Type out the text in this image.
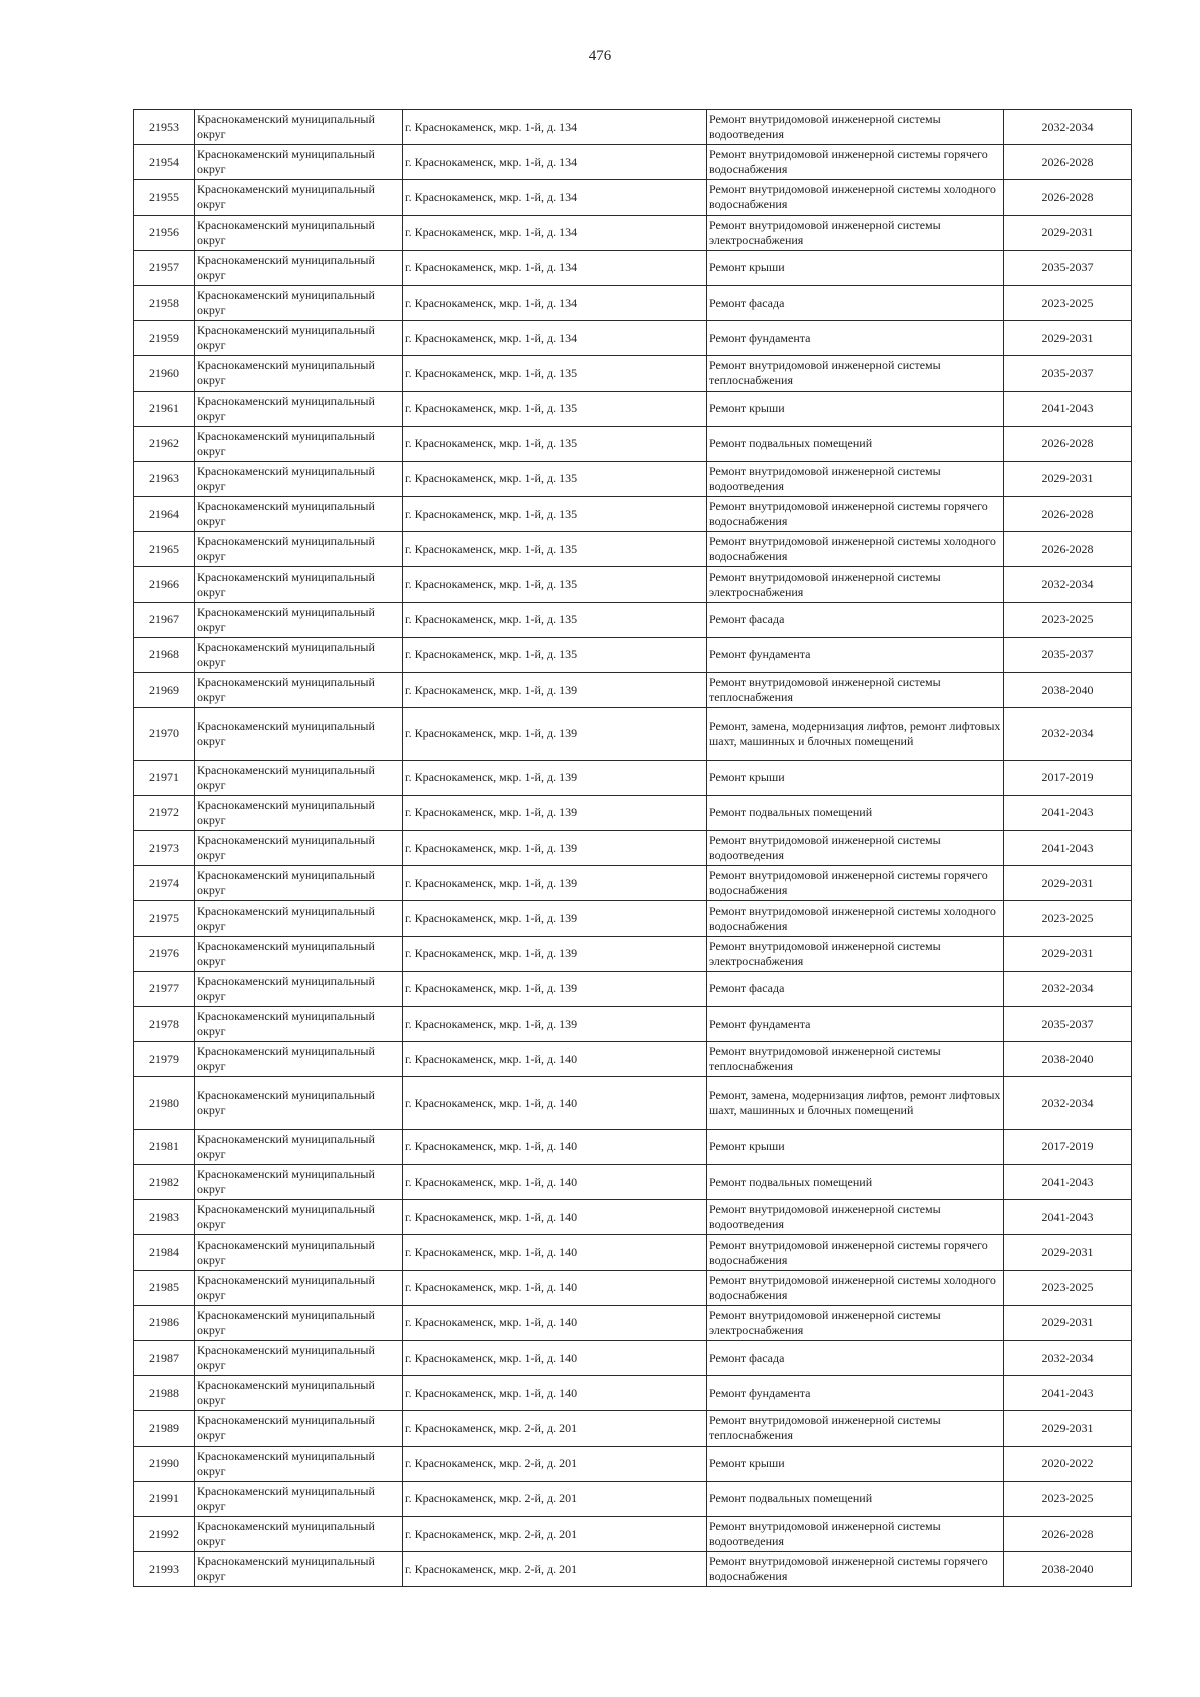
476
21953	Краснокаменский муниципальный округ	г. Краснокаменск, мкр. 1-й, д. 134	Ремонт внутридомовой инженерной системы водоотведения	2032-2034
21954	Краснокаменский муниципальный округ	г. Краснокаменск, мкр. 1-й, д. 134	Ремонт внутридомовой инженерной системы горячего водоснабжения	2026-2028
21955	Краснокаменский муниципальный округ	г. Краснокаменск, мкр. 1-й, д. 134	Ремонт внутридомовой инженерной системы холодного водоснабжения	2026-2028
21956	Краснокаменский муниципальный округ	г. Краснокаменск, мкр. 1-й, д. 134	Ремонт внутридомовой инженерной системы электроснабжения	2029-2031
21957	Краснокаменский муниципальный округ	г. Краснокаменск, мкр. 1-й, д. 134	Ремонт крыши	2035-2037
21958	Краснокаменский муниципальный округ	г. Краснокаменск, мкр. 1-й, д. 134	Ремонт фасада	2023-2025
21959	Краснокаменский муниципальный округ	г. Краснокаменск, мкр. 1-й, д. 134	Ремонт фундамента	2029-2031
21960	Краснокаменский муниципальный округ	г. Краснокаменск, мкр. 1-й, д. 135	Ремонт внутридомовой инженерной системы теплоснабжения	2035-2037
21961	Краснокаменский муниципальный округ	г. Краснокаменск, мкр. 1-й, д. 135	Ремонт крыши	2041-2043
21962	Краснокаменский муниципальный округ	г. Краснокаменск, мкр. 1-й, д. 135	Ремонт подвальных помещений	2026-2028
21963	Краснокаменский муниципальный округ	г. Краснокаменск, мкр. 1-й, д. 135	Ремонт внутридомовой инженерной системы водоотведения	2029-2031
21964	Краснокаменский муниципальный округ	г. Краснокаменск, мкр. 1-й, д. 135	Ремонт внутридомовой инженерной системы горячего водоснабжения	2026-2028
21965	Краснокаменский муниципальный округ	г. Краснокаменск, мкр. 1-й, д. 135	Ремонт внутридомовой инженерной системы холодного водоснабжения	2026-2028
21966	Краснокаменский муниципальный округ	г. Краснокаменск, мкр. 1-й, д. 135	Ремонт внутридомовой инженерной системы электроснабжения	2032-2034
21967	Краснокаменский муниципальный округ	г. Краснокаменск, мкр. 1-й, д. 135	Ремонт фасада	2023-2025
21968	Краснокаменский муниципальный округ	г. Краснокаменск, мкр. 1-й, д. 135	Ремонт фундамента	2035-2037
21969	Краснокаменский муниципальный округ	г. Краснокаменск, мкр. 1-й, д. 139	Ремонт внутридомовой инженерной системы теплоснабжения	2038-2040
21970	Краснокаменский муниципальный округ	г. Краснокаменск, мкр. 1-й, д. 139	Ремонт, замена, модернизация лифтов, ремонт лифтовых шахт, машинных и блочных помещений	2032-2034
21971	Краснокаменский муниципальный округ	г. Краснокаменск, мкр. 1-й, д. 139	Ремонт крыши	2017-2019
21972	Краснокаменский муниципальный округ	г. Краснокаменск, мкр. 1-й, д. 139	Ремонт подвальных помещений	2041-2043
21973	Краснокаменский муниципальный округ	г. Краснокаменск, мкр. 1-й, д. 139	Ремонт внутридомовой инженерной системы водоотведения	2041-2043
21974	Краснокаменский муниципальный округ	г. Краснокаменск, мкр. 1-й, д. 139	Ремонт внутридомовой инженерной системы горячего водоснабжения	2029-2031
21975	Краснокаменский муниципальный округ	г. Краснокаменск, мкр. 1-й, д. 139	Ремонт внутридомовой инженерной системы холодного водоснабжения	2023-2025
21976	Краснокаменский муниципальный округ	г. Краснокаменск, мкр. 1-й, д. 139	Ремонт внутридомовой инженерной системы электроснабжения	2029-2031
21977	Краснокаменский муниципальный округ	г. Краснокаменск, мкр. 1-й, д. 139	Ремонт фасада	2032-2034
21978	Краснокаменский муниципальный округ	г. Краснокаменск, мкр. 1-й, д. 139	Ремонт фундамента	2035-2037
21979	Краснокаменский муниципальный округ	г. Краснокаменск, мкр. 1-й, д. 140	Ремонт внутридомовой инженерной системы теплоснабжения	2038-2040
21980	Краснокаменский муниципальный округ	г. Краснокаменск, мкр. 1-й, д. 140	Ремонт, замена, модернизация лифтов, ремонт лифтовых шахт, машинных и блочных помещений	2032-2034
21981	Краснокаменский муниципальный округ	г. Краснокаменск, мкр. 1-й, д. 140	Ремонт крыши	2017-2019
21982	Краснокаменский муниципальный округ	г. Краснокаменск, мкр. 1-й, д. 140	Ремонт подвальных помещений	2041-2043
21983	Краснокаменский муниципальный округ	г. Краснокаменск, мкр. 1-й, д. 140	Ремонт внутридомовой инженерной системы водоотведения	2041-2043
21984	Краснокаменский муниципальный округ	г. Краснокаменск, мкр. 1-й, д. 140	Ремонт внутридомовой инженерной системы горячего водоснабжения	2029-2031
21985	Краснокаменский муниципальный округ	г. Краснокаменск, мкр. 1-й, д. 140	Ремонт внутридомовой инженерной системы холодного водоснабжения	2023-2025
21986	Краснокаменский муниципальный округ	г. Краснокаменск, мкр. 1-й, д. 140	Ремонт внутридомовой инженерной системы электроснабжения	2029-2031
21987	Краснокаменский муниципальный округ	г. Краснокаменск, мкр. 1-й, д. 140	Ремонт фасада	2032-2034
21988	Краснокаменский муниципальный округ	г. Краснокаменск, мкр. 1-й, д. 140	Ремонт фундамента	2041-2043
21989	Краснокаменский муниципальный округ	г. Краснокаменск, мкр. 2-й, д. 201	Ремонт внутридомовой инженерной системы теплоснабжения	2029-2031
21990	Краснокаменский муниципальный округ	г. Краснокаменск, мкр. 2-й, д. 201	Ремонт крыши	2020-2022
21991	Краснокаменский муниципальный округ	г. Краснокаменск, мкр. 2-й, д. 201	Ремонт подвальных помещений	2023-2025
21992	Краснокаменский муниципальный округ	г. Краснокаменск, мкр. 2-й, д. 201	Ремонт внутридомовой инженерной системы водоотведения	2026-2028
21993	Краснокаменский муниципальный округ	г. Краснокаменск, мкр. 2-й, д. 201	Ремонт внутридомовой инженерной системы горячего водоснабжения	2038-2040
